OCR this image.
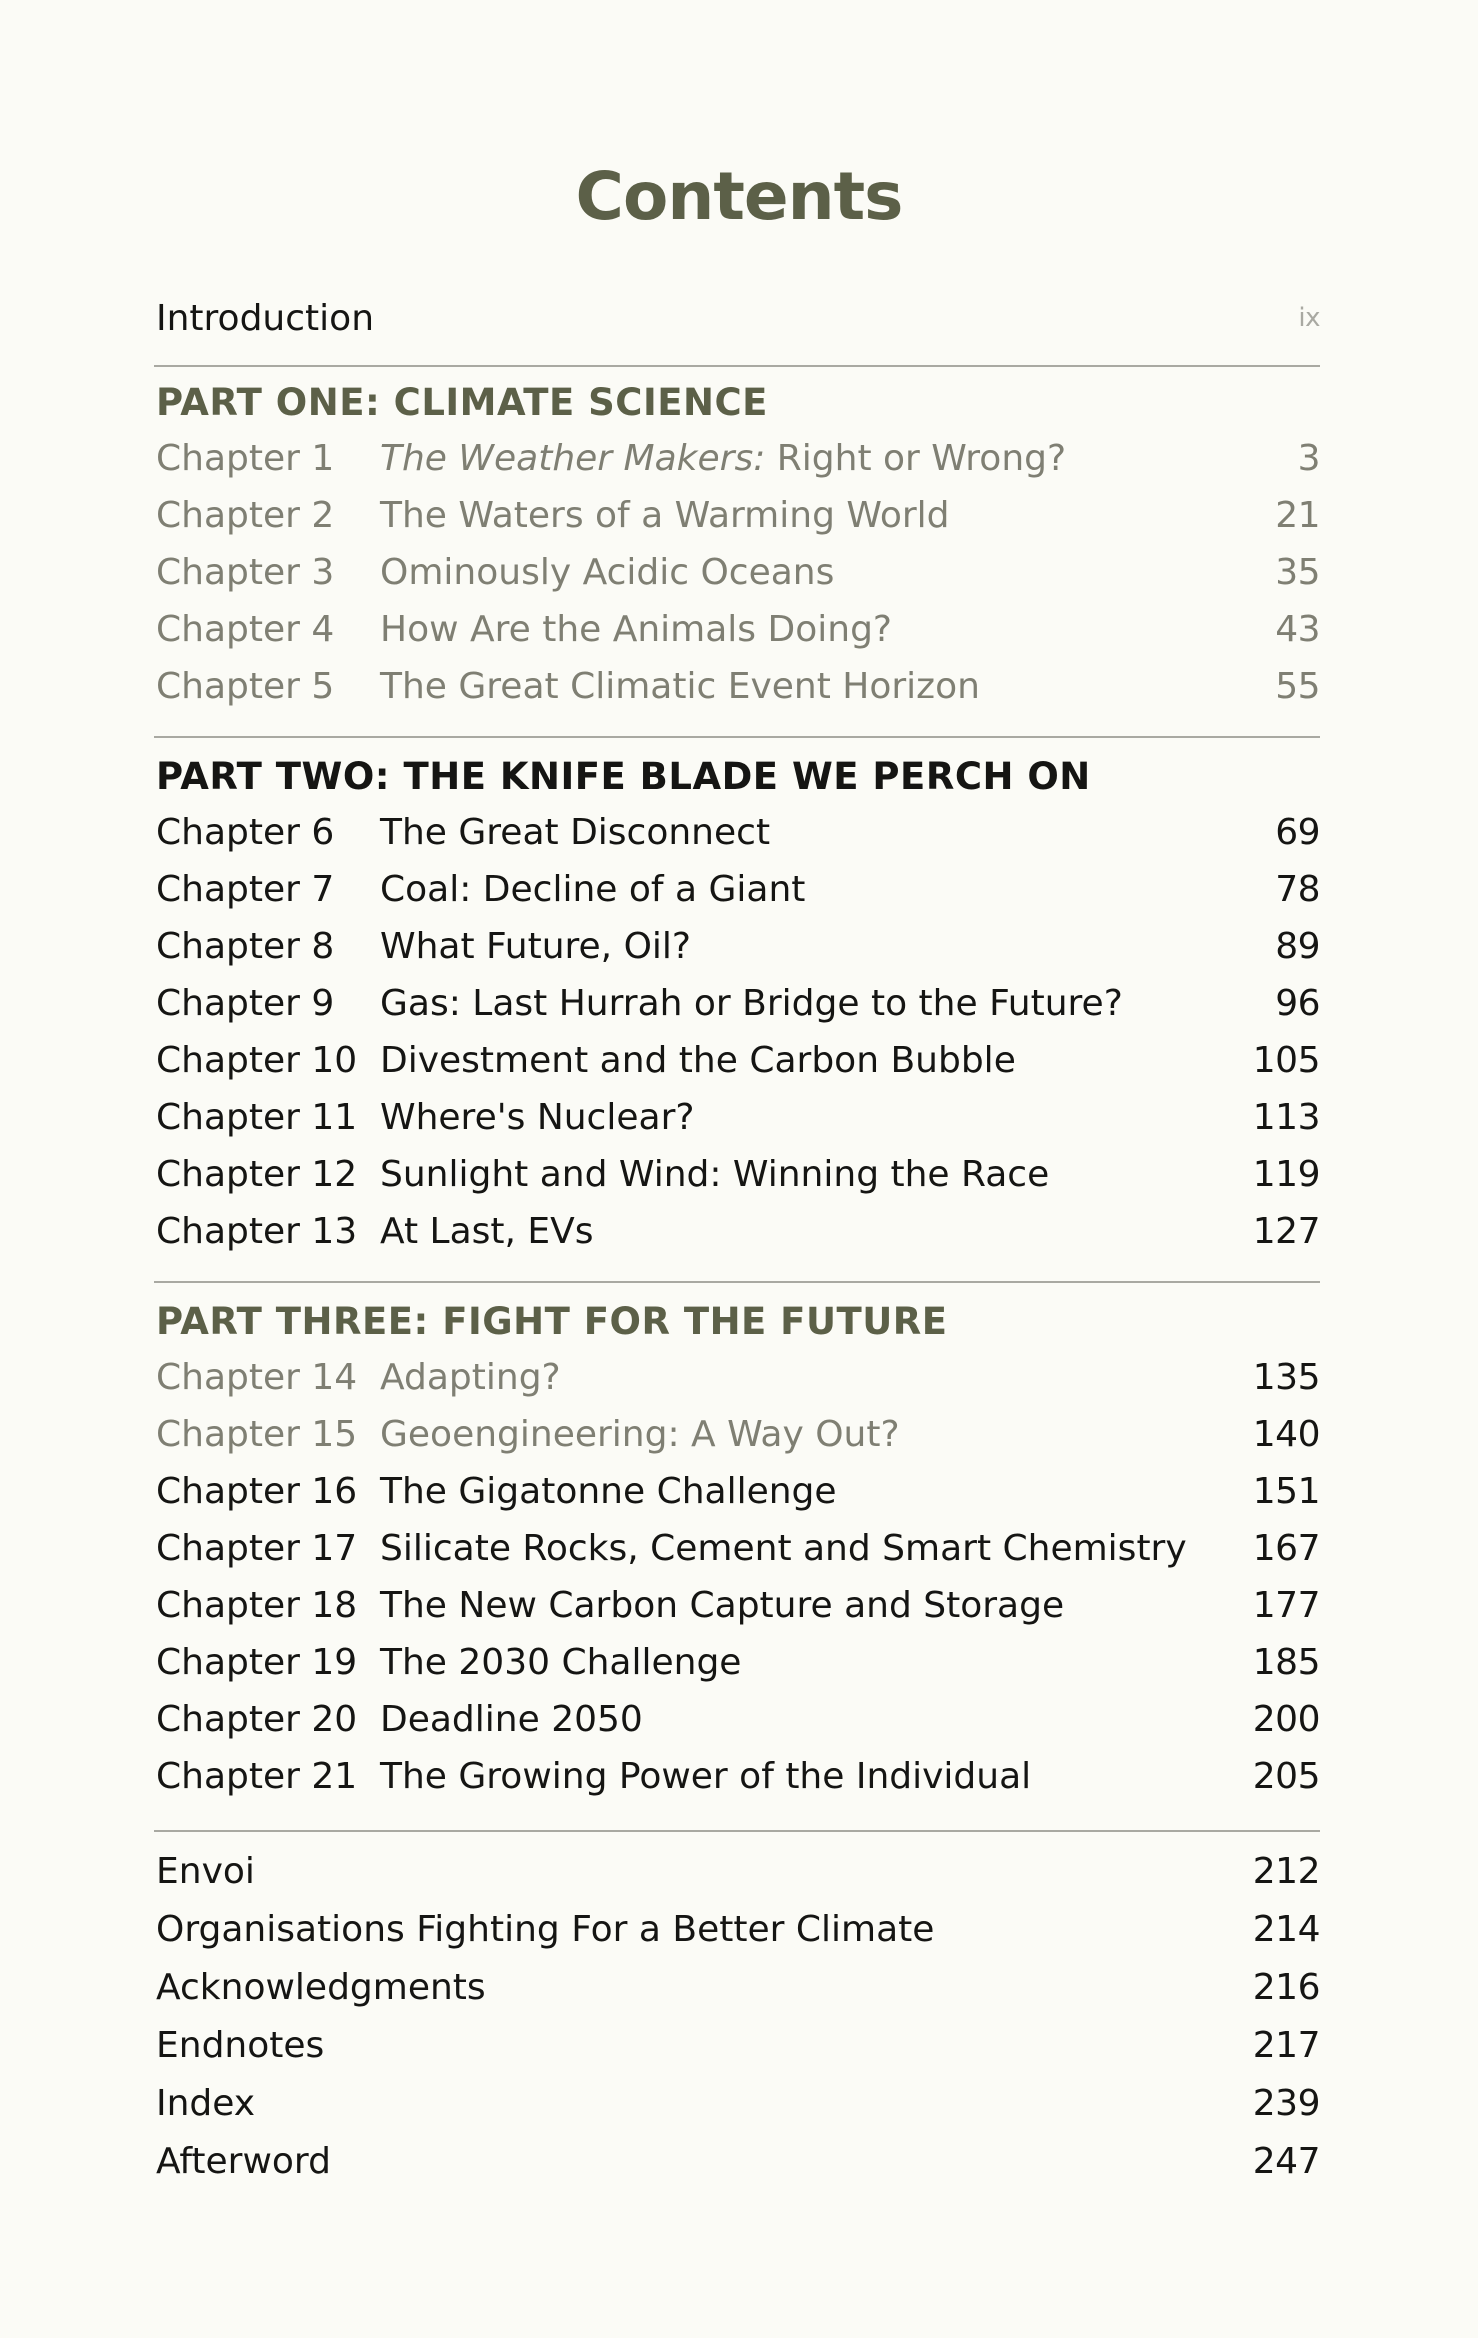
Contents
Introduction	ix
PART ONE: CLIMATE SCIENCE
Chapter 1 The Weather Makers: Right or Wrong?	3
Chapter 2 The Waters of a Warming World	21
Chapter 3 Ominously Acidic Oceans	35
Chapter 4 How Are the Animals Doing?	43
Chapter 5 The Great Climatic Event Horizon	55
PART TWO: THE KNIFE BLADE WE PERCH ON
Chapter 6 The Great Disconnect	69
Chapter 7 Coal: Decline of a Giant	78
Chapter 8 What Future, Oil?	89
Chapter 9 Gas: Last Hurrah or Bridge to the Future?	96
Chapter 10 Divestment and the Carbon Bubble	105
Chapter 11 Where's Nuclear?	113
Chapter 12 Sunlight and Wind: Winning the Race	119
Chapter 13 At Last, EVs	127
PART THREE: FIGHT FOR THE FUTURE
Chapter 14 Adapting?	135
Chapter 15 Geoengineering: A Way Out?	140
Chapter 16 The Gigatonne Challenge	151
Chapter 17 Silicate Rocks, Cement and Smart Chemistry 167
Chapter 18 The New Carbon Capture and Storage	177
Chapter 19 The 2030 Challenge	185
Chapter 20 Deadline 2050	200
Chapter 21 The Growing Power of the Individual	205
Envoi	212
Organisations Fighting For a Better Climate	214
Acknowledgments	216
Endnotes	217
Index	239
Afterword	247
